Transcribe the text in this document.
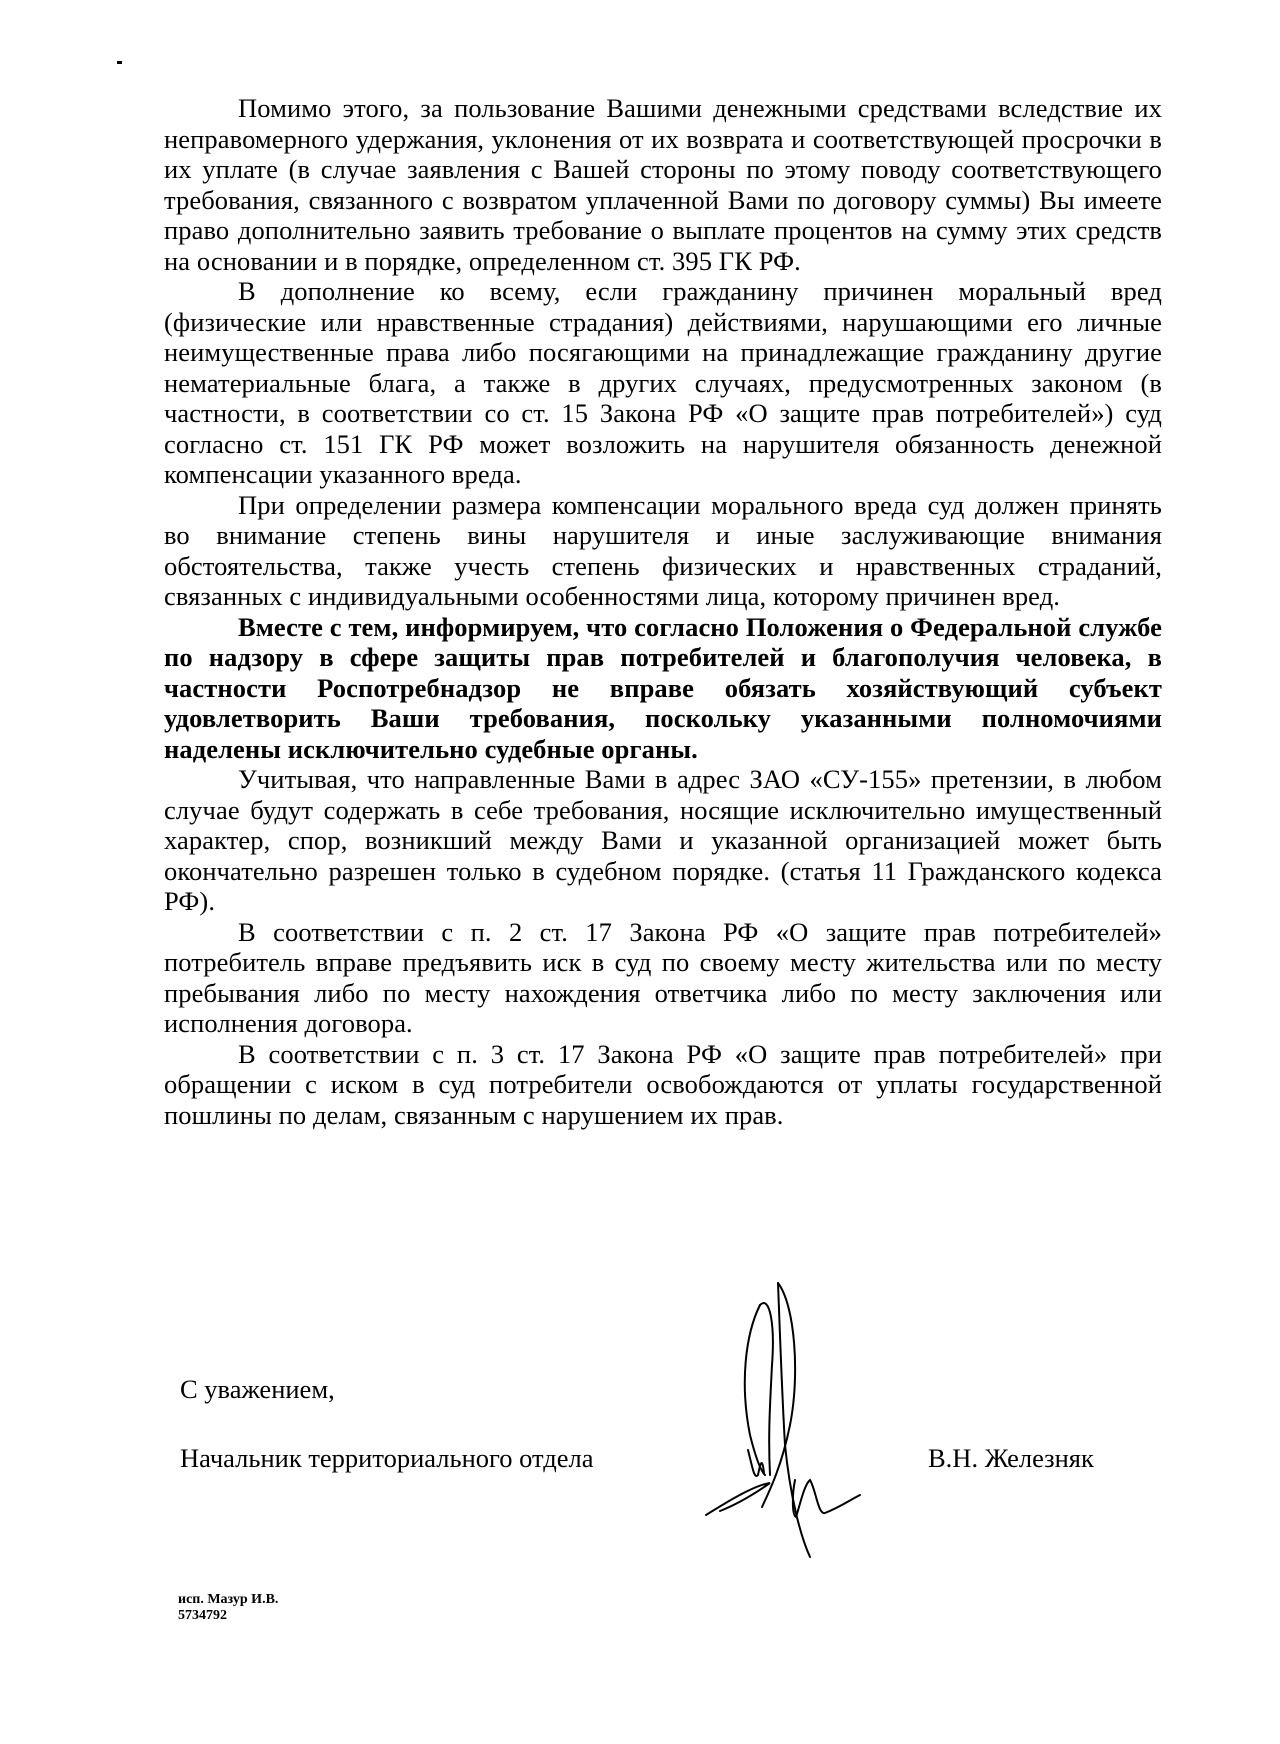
Помимо этого, за пользование Вашими денежными средствами вследствие их неправомерного удержания, уклонения от их возврата и соответствующей просрочки в их уплате (в случае заявления с Вашей стороны по этому поводу соответствующего требования, связанного с возвратом уплаченной Вами по договору суммы) Вы имеете право дополнительно заявить требование о выплате процентов на сумму этих средств на основании и в порядке, определенном ст. 395 ГК РФ.

В дополнение ко всему, если гражданину причинен моральный вред (физические или нравственные страдания) действиями, нарушающими его личные неимущественные права либо посягающими на принадлежащие гражданину другие нематериальные блага, а также в других случаях, предусмотренных законом (в частности, в соответствии со ст. 15 Закона РФ «О защите прав потребителей») суд согласно ст. 151 ГК РФ может возложить на нарушителя обязанность денежной компенсации указанного вреда.

При определении размера компенсации морального вреда суд должен принять во внимание степень вины нарушителя и иные заслуживающие внимания обстоятельства, также учесть степень физических и нравственных страданий, связанных с индивидуальными особенностями лица, которому причинен вред.

Вместе с тем, информируем, что согласно Положения о Федеральной службе по надзору в сфере защиты прав потребителей и благополучия человека, в частности Роспотребнадзор не вправе обязать хозяйствующий субъект удовлетворить Ваши требования, поскольку указанными полномочиями наделены исключительно судебные органы.

Учитывая, что направленные Вами в адрес ЗАО «СУ-155» претензии, в любом случае будут содержать в себе требования, носящие исключительно имущественный характер, спор, возникший между Вами и указанной организацией может быть окончательно разрешен только в судебном порядке. (статья 11 Гражданского кодекса РФ).

В соответствии с п. 2 ст. 17 Закона РФ «О защите прав потребителей» потребитель вправе предъявить иск в суд по своему месту жительства или по месту пребывания либо по месту нахождения ответчика либо по месту заключения или исполнения договора.

В соответствии с п. 3 ст. 17 Закона РФ «О защите прав потребителей» при обращении с иском в суд потребители освобождаются от уплаты государственной пошлины по делам, связанным с нарушением их прав.

С уважением,
Начальник территориального отдела	В.Н. Железняк
исп. Мазур И.В.
5734792
